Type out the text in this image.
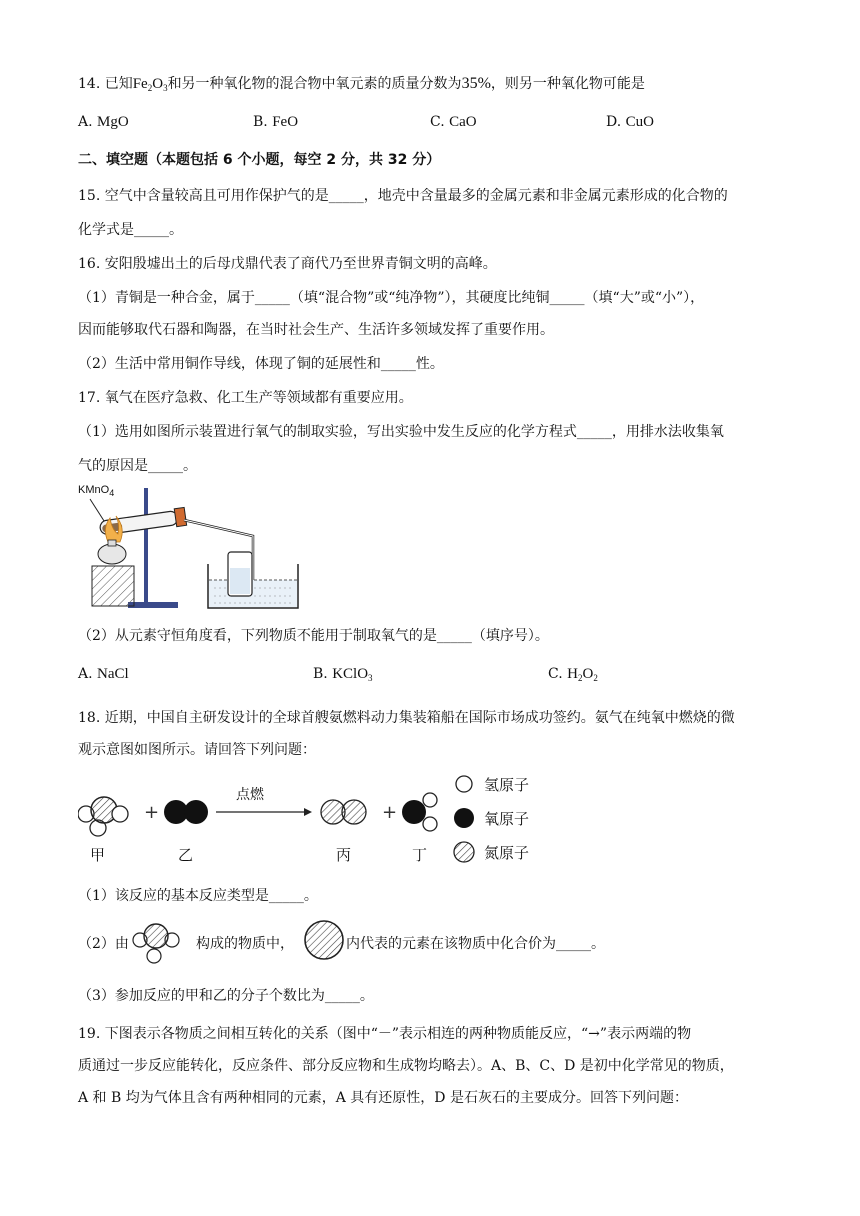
14. 已知$Fe_2O_3$和另一种氧化物的混合物中氧元素的质量分数为35%，则另一种氧化物可能是
A. MgO	B. FeO	C. CaO	D. CuO
二、填空题（本题包括 6 个小题，每空 2 分，共 32 分）
15. 空气中含量较高且可用作保护气的是_____，地壳中含量最多的金属元素和非金属元素形成的化合物的
化学式是_____。
16. 安阳殷墟出土的后母戊鼎代表了商代乃至世界青铜文明的高峰。
（1）青铜是一种合金，属于_____（填“混合物”或“纯净物”），其硬度比纯铜_____（填“大”或“小”），
因而能够取代石器和陶器，在当时社会生产、生活许多领域发挥了重要作用。
（2）生活中常用铜作导线，体现了铜的延展性和_____性。
17. 氧气在医疗急救、化工生产等领域都有重要应用。
（1）选用如图所示装置进行氧气的制取实验，写出实验中发生反应的化学方程式_____，用排水法收集氧
气的原因是_____。
KMnO$_4$
（2）从元素守恒角度看，下列物质不能用于制取氧气的是_____（填序号）。
A. NaCl	B. KClO$_3$	C. $H_2O_2$
18. 近期，中国自主研发设计的全球首艘氨燃料动力集装箱船在国际市场成功签约。氨气在纯氧中燃烧的微
观示意图如图所示。请回答下列问题：
+	+
点燃
甲	乙	丙	丁
氢原子
氧原子
氮原子
（1）该反应的基本反应类型是_____。
（2）由	构成的物质中，	内代表的元素在该物质中化合价为_____。
（3）参加反应的甲和乙的分子个数比为_____。
19. 下图表示各物质之间相互转化的关系（图中“－”表示相连的两种物质能反应，“→”表示两端的物
质通过一步反应能转化，反应条件、部分反应物和生成物均略去）。A、B、C、D 是初中化学常见的物质，
A 和 B 均为气体且含有两种相同的元素，A 具有还原性，D 是石灰石的主要成分。回答下列问题：
